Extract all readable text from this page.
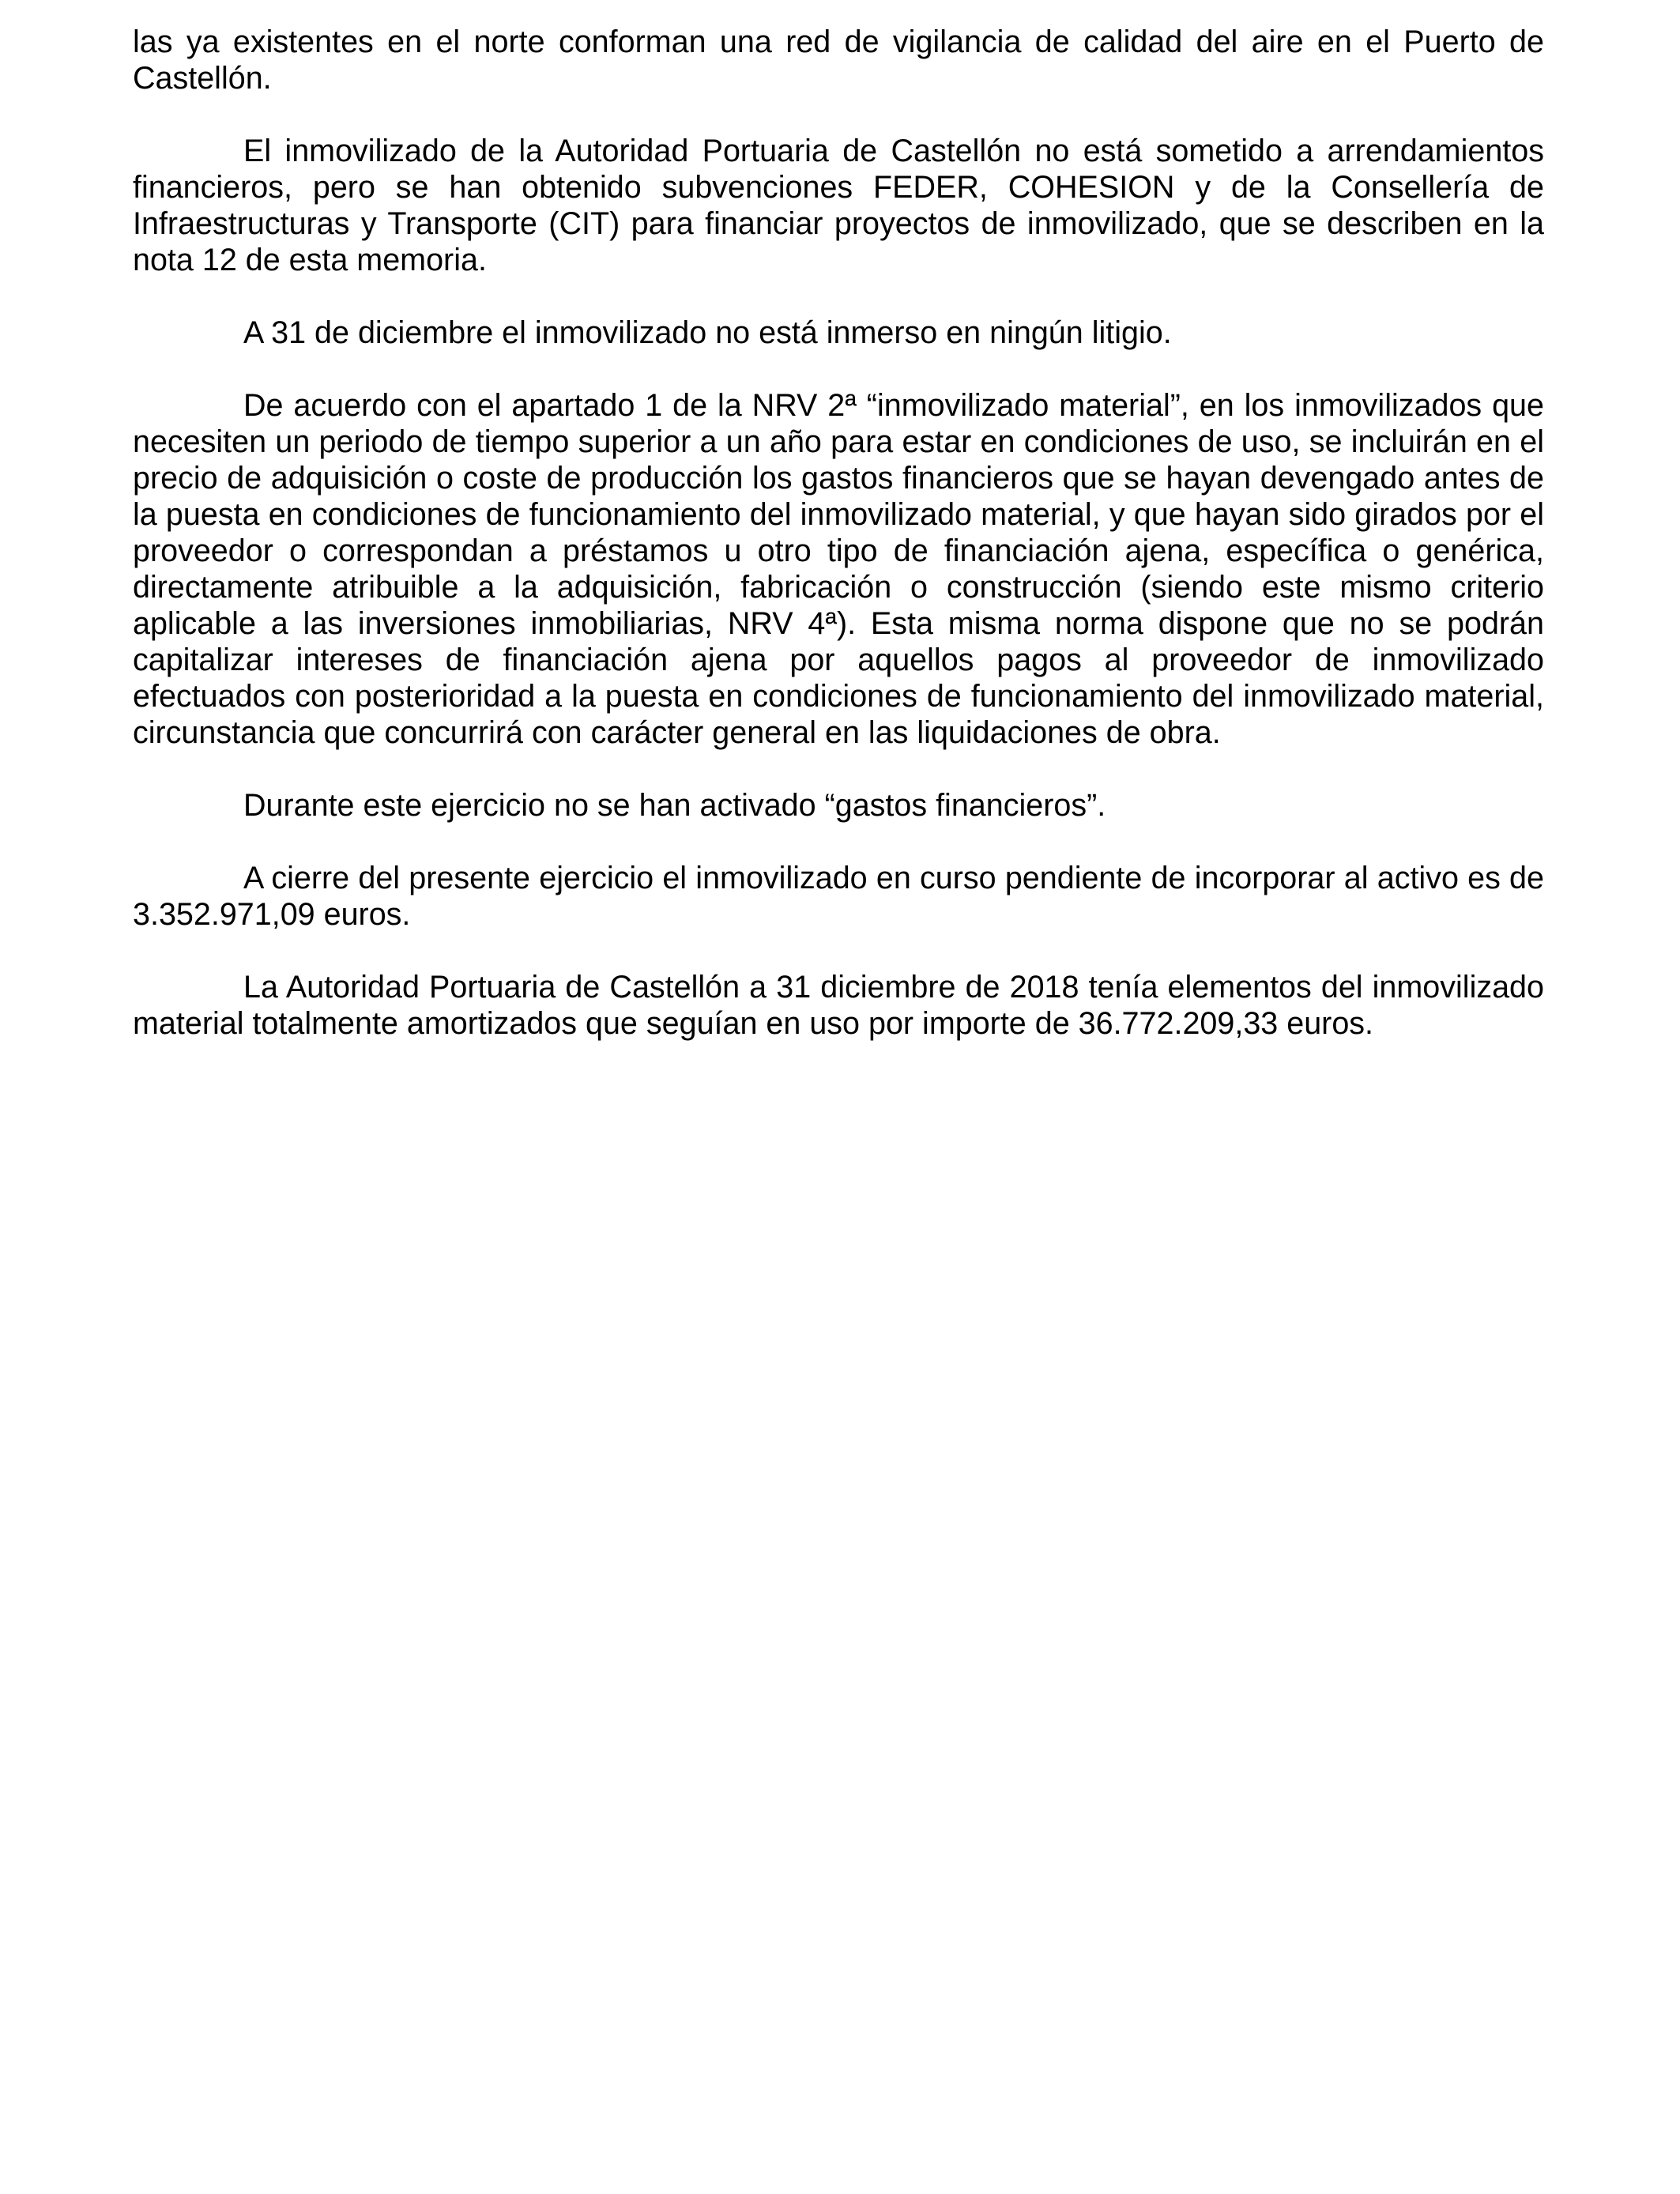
las ya existentes en el norte conforman una red de vigilancia de calidad del aire en el Puerto de Castellón.

El inmovilizado de la Autoridad Portuaria de Castellón no está sometido a arrendamientos financieros, pero se han obtenido subvenciones FEDER, COHESION y de la Consellería de Infraestructuras y Transporte (CIT) para financiar proyectos de inmovilizado, que se describen en la nota 12 de esta memoria.

A 31 de diciembre el inmovilizado no está inmerso en ningún litigio.

De acuerdo con el apartado 1 de la NRV 2ª “inmovilizado material”, en los inmovilizados que necesiten un periodo de tiempo superior a un año para estar en condiciones de uso, se incluirán en el precio de adquisición o coste de producción los gastos financieros que se hayan devengado antes de la puesta en condiciones de funcionamiento del inmovilizado material, y que hayan sido girados por el proveedor o correspondan a préstamos u otro tipo de financiación ajena, específica o genérica, directamente atribuible a la adquisición, fabricación o construcción (siendo este mismo criterio aplicable a las inversiones inmobiliarias, NRV 4ª). Esta misma norma dispone que no se podrán capitalizar intereses de financiación ajena por aquellos pagos al proveedor de inmovilizado efectuados con posterioridad a la puesta en condiciones de funcionamiento del inmovilizado material, circunstancia que concurrirá con carácter general en las liquidaciones de obra.

Durante este ejercicio no se han activado “gastos financieros”.

A cierre del presente ejercicio el inmovilizado en curso pendiente de incorporar al activo es de 3.352.971,09 euros.

La Autoridad Portuaria de Castellón a 31 diciembre de 2018 tenía elementos del inmovilizado material totalmente amortizados que seguían en uso por importe de 36.772.209,33 euros.
